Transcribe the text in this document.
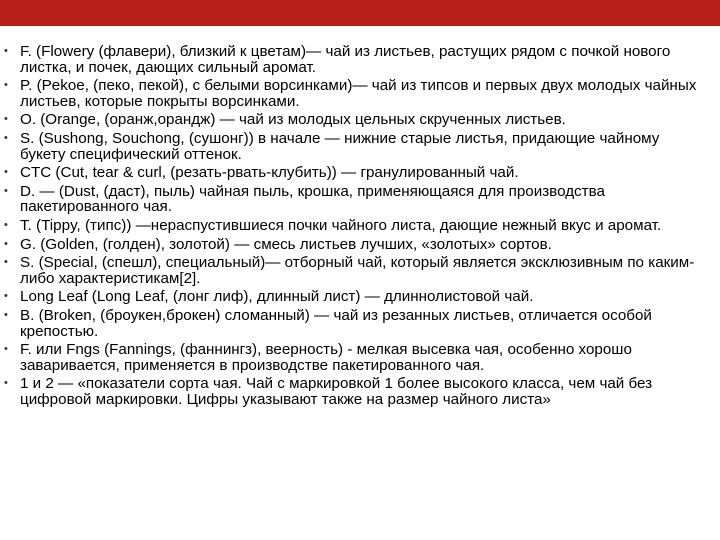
• F. (Flowery (флавери), близкий к цветам)— чай из листьев, растущих рядом с почкой нового листка, и почек, дающих сильный аромат.
• P. (Pekoe, (пеко, пекой), с белыми ворсинками)— чай из типсов и первых двух молодых чайных листьев, которые покрыты ворсинками.
• O. (Orange, (оранж,орандж) — чай из молодых цельных скрученных листьев.
• S. (Sushong, Souchong, (сушонг)) в начале — нижние старые листья, придающие чайному букету специфический оттенок.
• CTC (Cut, tear & curl, (резать-рвать-клубить)) — гранулированный чай.
• D. — (Dust, (даст), пыль) чайная пыль, крошка, применяющаяся для производства пакетированного чая.
• T. (Tippy, (типс)) —нераспустившиеся почки чайного листа, дающие нежный вкус и аромат.
• G. (Golden, (голден), золотой) — смесь листьев лучших, «золотых» сортов.
• S. (Special, (спешл), специальный)— отборный чай, который является эксклюзивным по каким-либо характеристикам[2].
• Long Leaf (Long Leaf, (лонг лиф), длинный лист) — длиннолистовой чай.
• B. (Broken, (броукен,брокен) сломанный) — чай из резанных листьев, отличается особой крепостью.
• F. или Fngs (Fannings, (фаннингз), веерность) - мелкая высевка чая, особенно хорошо заваривается, применяется в производстве пакетированного чая.
• 1 и 2 — «показатели сорта чая. Чай с маркировкой 1 более высокого класса, чем чай без цифровой маркировки. Цифры указывают также на размер чайного листа»
